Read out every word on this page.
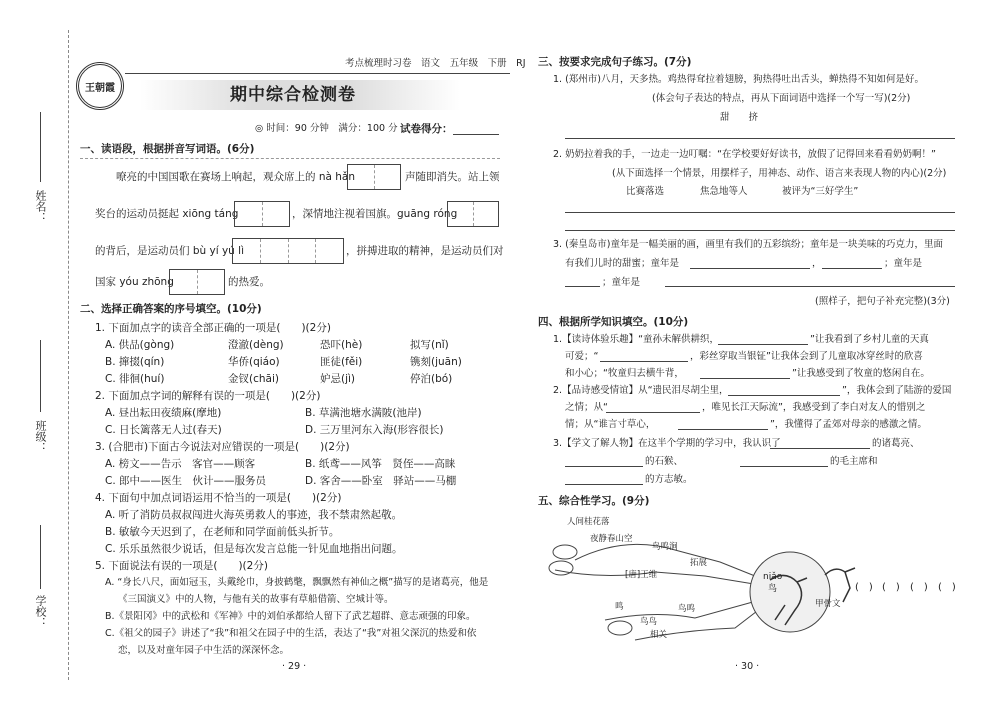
姓名：
班级：
学校：
王朝霞
考点梳理时习卷　 语文　 五年级　 下册　 RJ
期中综合检测卷
◎ 时间：90 分钟　满分：100 分 试卷得分：
一、读语段，根据拼音写词语。(6分)
　　嘹亮的中国国歌在赛场上响起，观众席上的 nà hǎn	声随即消失。站上领
奖台的运动员挺起 xiōng táng	，深情地注视着国旗。guāng róng
的背后，是运动员们 bù yí yú lì	，拼搏进取的精神，是运动员们对
国家 yóu zhōng	的热爱。
二、选择正确答案的序号填空。(10分)
1. 下面加点字的读音全部正确的一项是(　　)(2分)
A. 供品(gòng)	澄澈(dèng)	恐吓(hè)	拟写(nǐ)
B. 撺掇(qín)	华侨(qiáo)	匪徒(fěi)	镌刻(juān)
C. 徘徊(huí)	金钗(chāi)	妒忌(jì)	停泊(bó)
2. 下面加点字词的解释有误的一项是(　　)(2分)
A. 昼出耘田夜绩麻(摩地)	B. 草满池塘水满陂(池岸)
C. 日长篱落无人过(春天)	D. 三万里河东入海(形容很长)
3. (合肥市)下面古今说法对应错误的一项是(　　)(2分)
A. 榜文——告示　客官——顾客	B. 纸鸢——风筝　贤侄——高睐
C. 郎中——医生　伙计——服务员	D. 客舍——卧室　驿站——马棚
4. 下面句中加点词语运用不恰当的一项是(　　)(2分)
A. 听了消防员叔叔闯进火海英勇救人的事迹，我不禁肃然起敬。
B. 敏敏今天迟到了，在老师和同学面前低头折节。
C. 乐乐虽然很少说话，但是每次发言总能一针见血地指出问题。
5. 下面说法有误的一项是(　　)(2分)
A. “身长八尺，面如冠玉，头戴纶巾，身披鹤氅，飘飘然有神仙之概”描写的是诸葛亮，他是
《三国演义》中的人物，与他有关的故事有草船借箭、空城计等。
B.《景阳冈》中的武松和《军神》中的刘伯承都给人留下了武艺超群、意志顽强的印象。
C.《祖父的园子》讲述了“我”和祖父在园子中的生活，表达了“我”对祖父深沉的热爱和依
恋，以及对童年园子中生活的深深怀念。
· 29 ·
三、按要求完成句子练习。(7分)
1. (郑州市)八月，天多热。鸡热得耷拉着翅膀，狗热得吐出舌头，蝉热得不知如何是好。
(体会句子表达的特点，再从下面词语中选择一个写一写)(2分)
甜　　挤
2. 奶奶拉着我的手，一边走一边叮嘱：“在学校要好好读书，放假了记得回来看看奶奶啊！”
(从下面选择一个情景，用摆样子，用神态、动作、语言来表现人物的内心)(2分)
比赛落选	焦急地等人	被评为“三好学生”
3. (秦皇岛市)童年是一幅美丽的画，画里有我们的五彩缤纷；童年是一块美味的巧克力，里面
有我们儿时的甜蜜；童年是	，	；童年是
；童年是
(照样子，把句子补充完整)(3分)
四、根据所学知识填空。(10分)
1.【读诗体验乐趣】“童孙未解供耕织，	”让我看到了乡村儿童的天真
可爱；“	，彩丝穿取当银钲”让我体会到了儿童取冰穿丝时的欣喜
和小心；“牧童归去横牛背，	”让我感受到了牧童的悠闲自在。
2.【品诗感受情谊】从“遗民泪尽胡尘里，	”，我体会到了陆游的爱国
之情；从“	，唯见长江天际流”，我感受到了李白对友人的惜别之
情；从“谁言寸草心，	”，我懂得了孟郊对母亲的感激之情。
3.【学文了解人物】在这半个学期的学习中，我认识了	的诸葛亮、
的石猴、	的毛主席和
的方志敏。
五、综合性学习。(9分)
人间桂花落
夜静春山空
鸟鸣涧
[唐]王维
拓展
niǎo
鸟
鸣	鸟鸣
鸟鸟
相关
甲骨文
(　) (　)	(　)	(　)
· 30 ·
